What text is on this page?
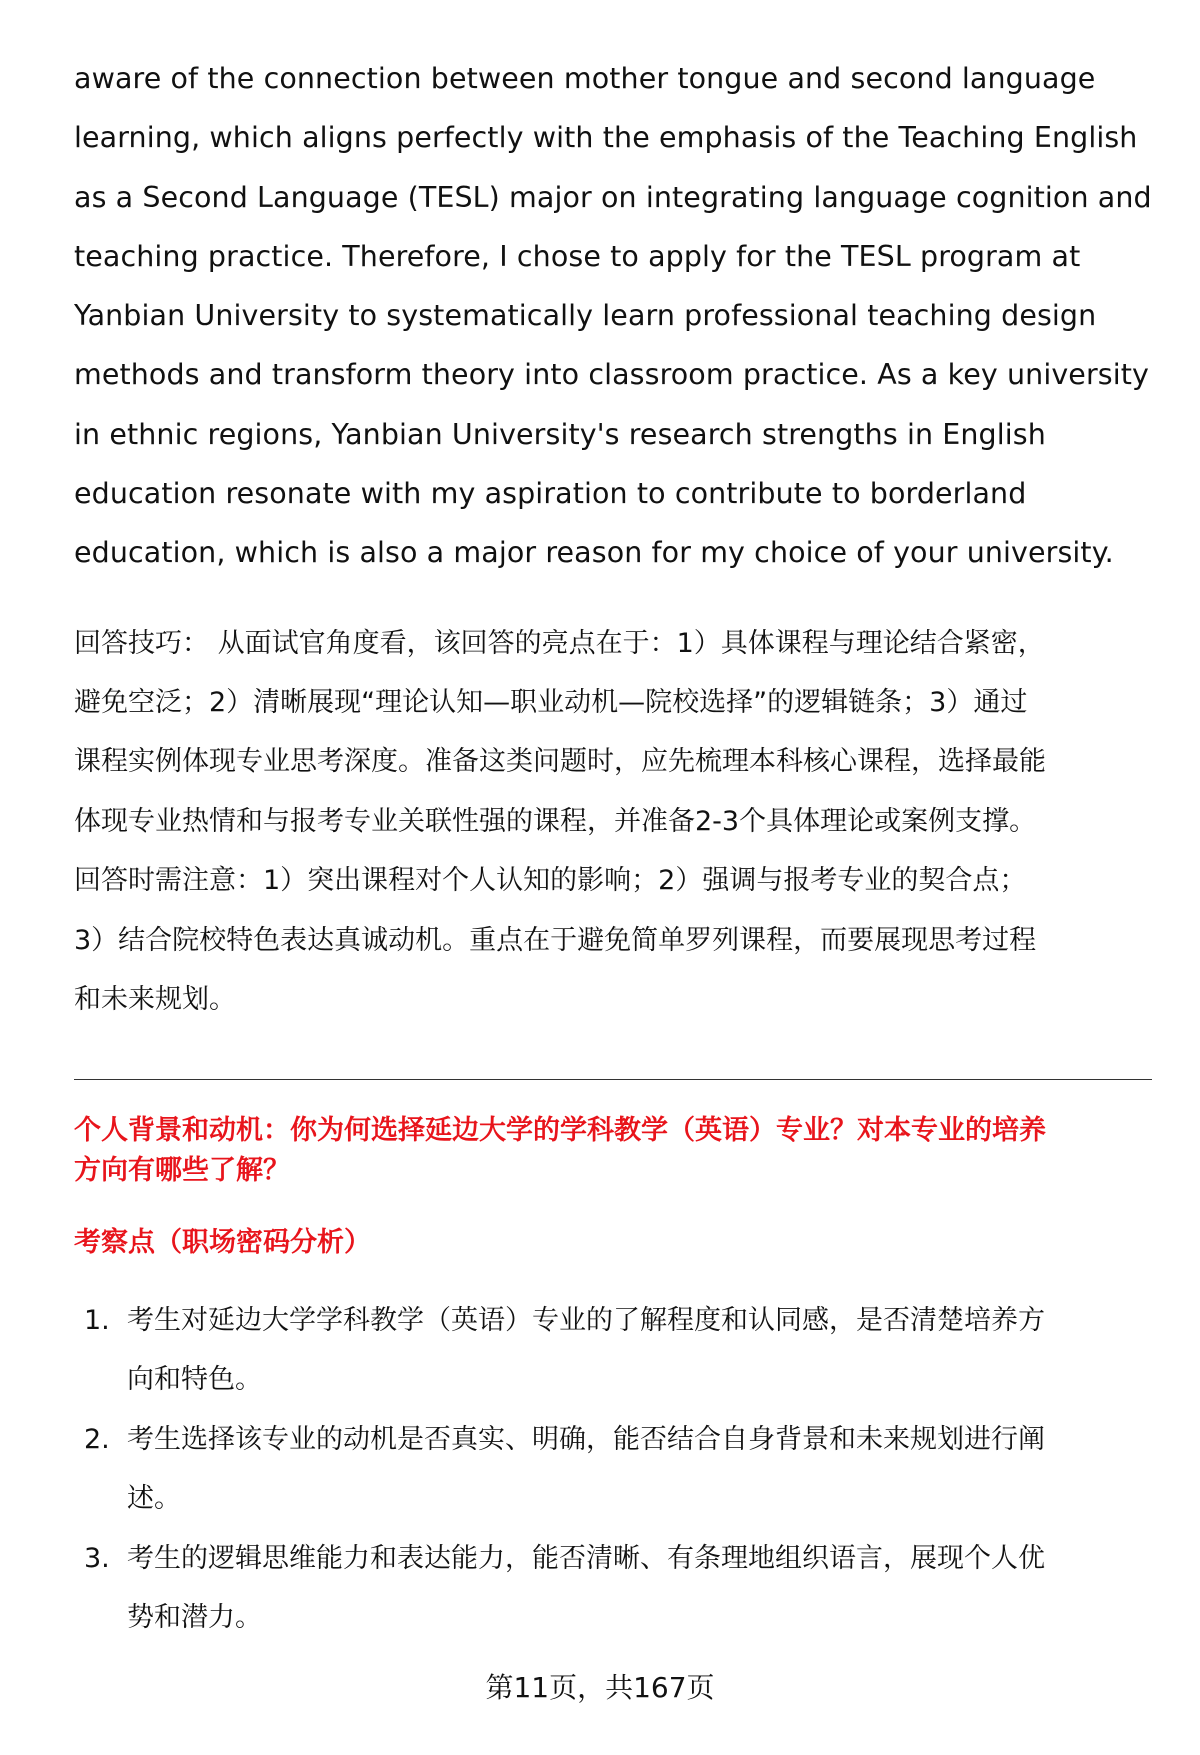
aware of the connection between mother tongue and second language
learning, which aligns perfectly with the emphasis of the Teaching English
as a Second Language (TESL) major on integrating language cognition and
teaching practice. Therefore, I chose to apply for the TESL program at
Yanbian University to systematically learn professional teaching design
methods and transform theory into classroom practice. As a key university
in ethnic regions, Yanbian University's research strengths in English
education resonate with my aspiration to contribute to borderland
education, which is also a major reason for my choice of your university.
回答技巧： 从面试官角度看，该回答的亮点在于：1）具体课程与理论结合紧密，
避免空泛；2）清晰展现“理论认知—职业动机—院校选择”的逻辑链条；3）通过
课程实例体现专业思考深度。准备这类问题时，应先梳理本科核心课程，选择最能
体现专业热情和与报考专业关联性强的课程，并准备2-3个具体理论或案例支撑。
回答时需注意：1）突出课程对个人认知的影响；2）强调与报考专业的契合点；
3）结合院校特色表达真诚动机。重点在于避免简单罗列课程，而要展现思考过程
和未来规划。
个人背景和动机：你为何选择延边大学的学科教学（英语）专业？对本专业的培养
方向有哪些了解？
考察点（职场密码分析）
1. 考生对延边大学学科教学（英语）专业的了解程度和认同感，是否清楚培养方
向和特色。
2. 考生选择该专业的动机是否真实、明确，能否结合自身背景和未来规划进行阐
述。
3. 考生的逻辑思维能力和表达能力，能否清晰、有条理地组织语言，展现个人优
势和潜力。
第11页，共167页
